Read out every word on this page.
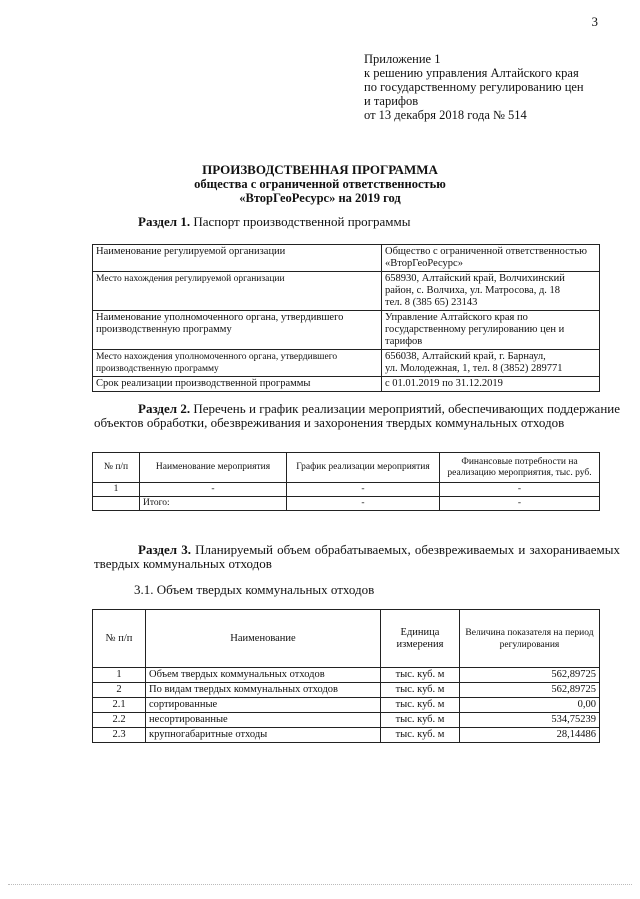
3
Приложение 1
к решению управления Алтайского края
по государственному регулированию цен
и тарифов
от 13 декабря 2018 года № 514
ПРОИЗВОДСТВЕННАЯ ПРОГРАММА
общества с ограниченной ответственностью
«ВторГеоРесурс» на 2019 год
Раздел 1. Паспорт производственной программы
Наименование регулируемой организации	Общество с ограниченной ответственностью
«ВторГеоРесурс»

Место нахождения регулируемой организации	658930, Алтайский край, Волчихинский
район, с. Волчиха, ул. Матросова, д. 18
тел. 8 (385 65) 23143

Наименование уполномоченного органа, утвердившего производственную программу	Управление Алтайского края по
государственному регулированию цен и
тарифов

Место нахождения уполномоченного органа, утвердившего производственную программу	656038, Алтайский край, г. Барнаул,
ул. Молодежная, 1, тел. 8 (3852) 289771

Срок реализации производственной программы	с 01.01.2019 по 31.12.2019
Раздел 2. Перечень и график реализации мероприятий, обеспечивающих поддержание объектов обработки, обезвреживания и захоронения твердых коммунальных отходов
№ п/п	Наименование мероприятия	График реализации мероприятия	Финансовые потребности на реализацию мероприятия, тыс. руб.
1	-	-	-
	Итого:	-	-
Раздел 3. Планируемый объем обрабатываемых, обезвреживаемых и захораниваемых твердых коммунальных отходов
3.1. Объем твердых коммунальных отходов
№ п/п	Наименование	Единица измерения	Величина показателя на период регулирования
1	Объем твердых коммунальных отходов	тыс. куб. м	562,89725
2	По видам твердых коммунальных отходов	тыс. куб. м	562,89725
2.1	сортированные	тыс. куб. м	0,00
2.2	несортированные	тыс. куб. м	534,75239
2.3	крупногабаритные отходы	тыс. куб. м	28,14486
